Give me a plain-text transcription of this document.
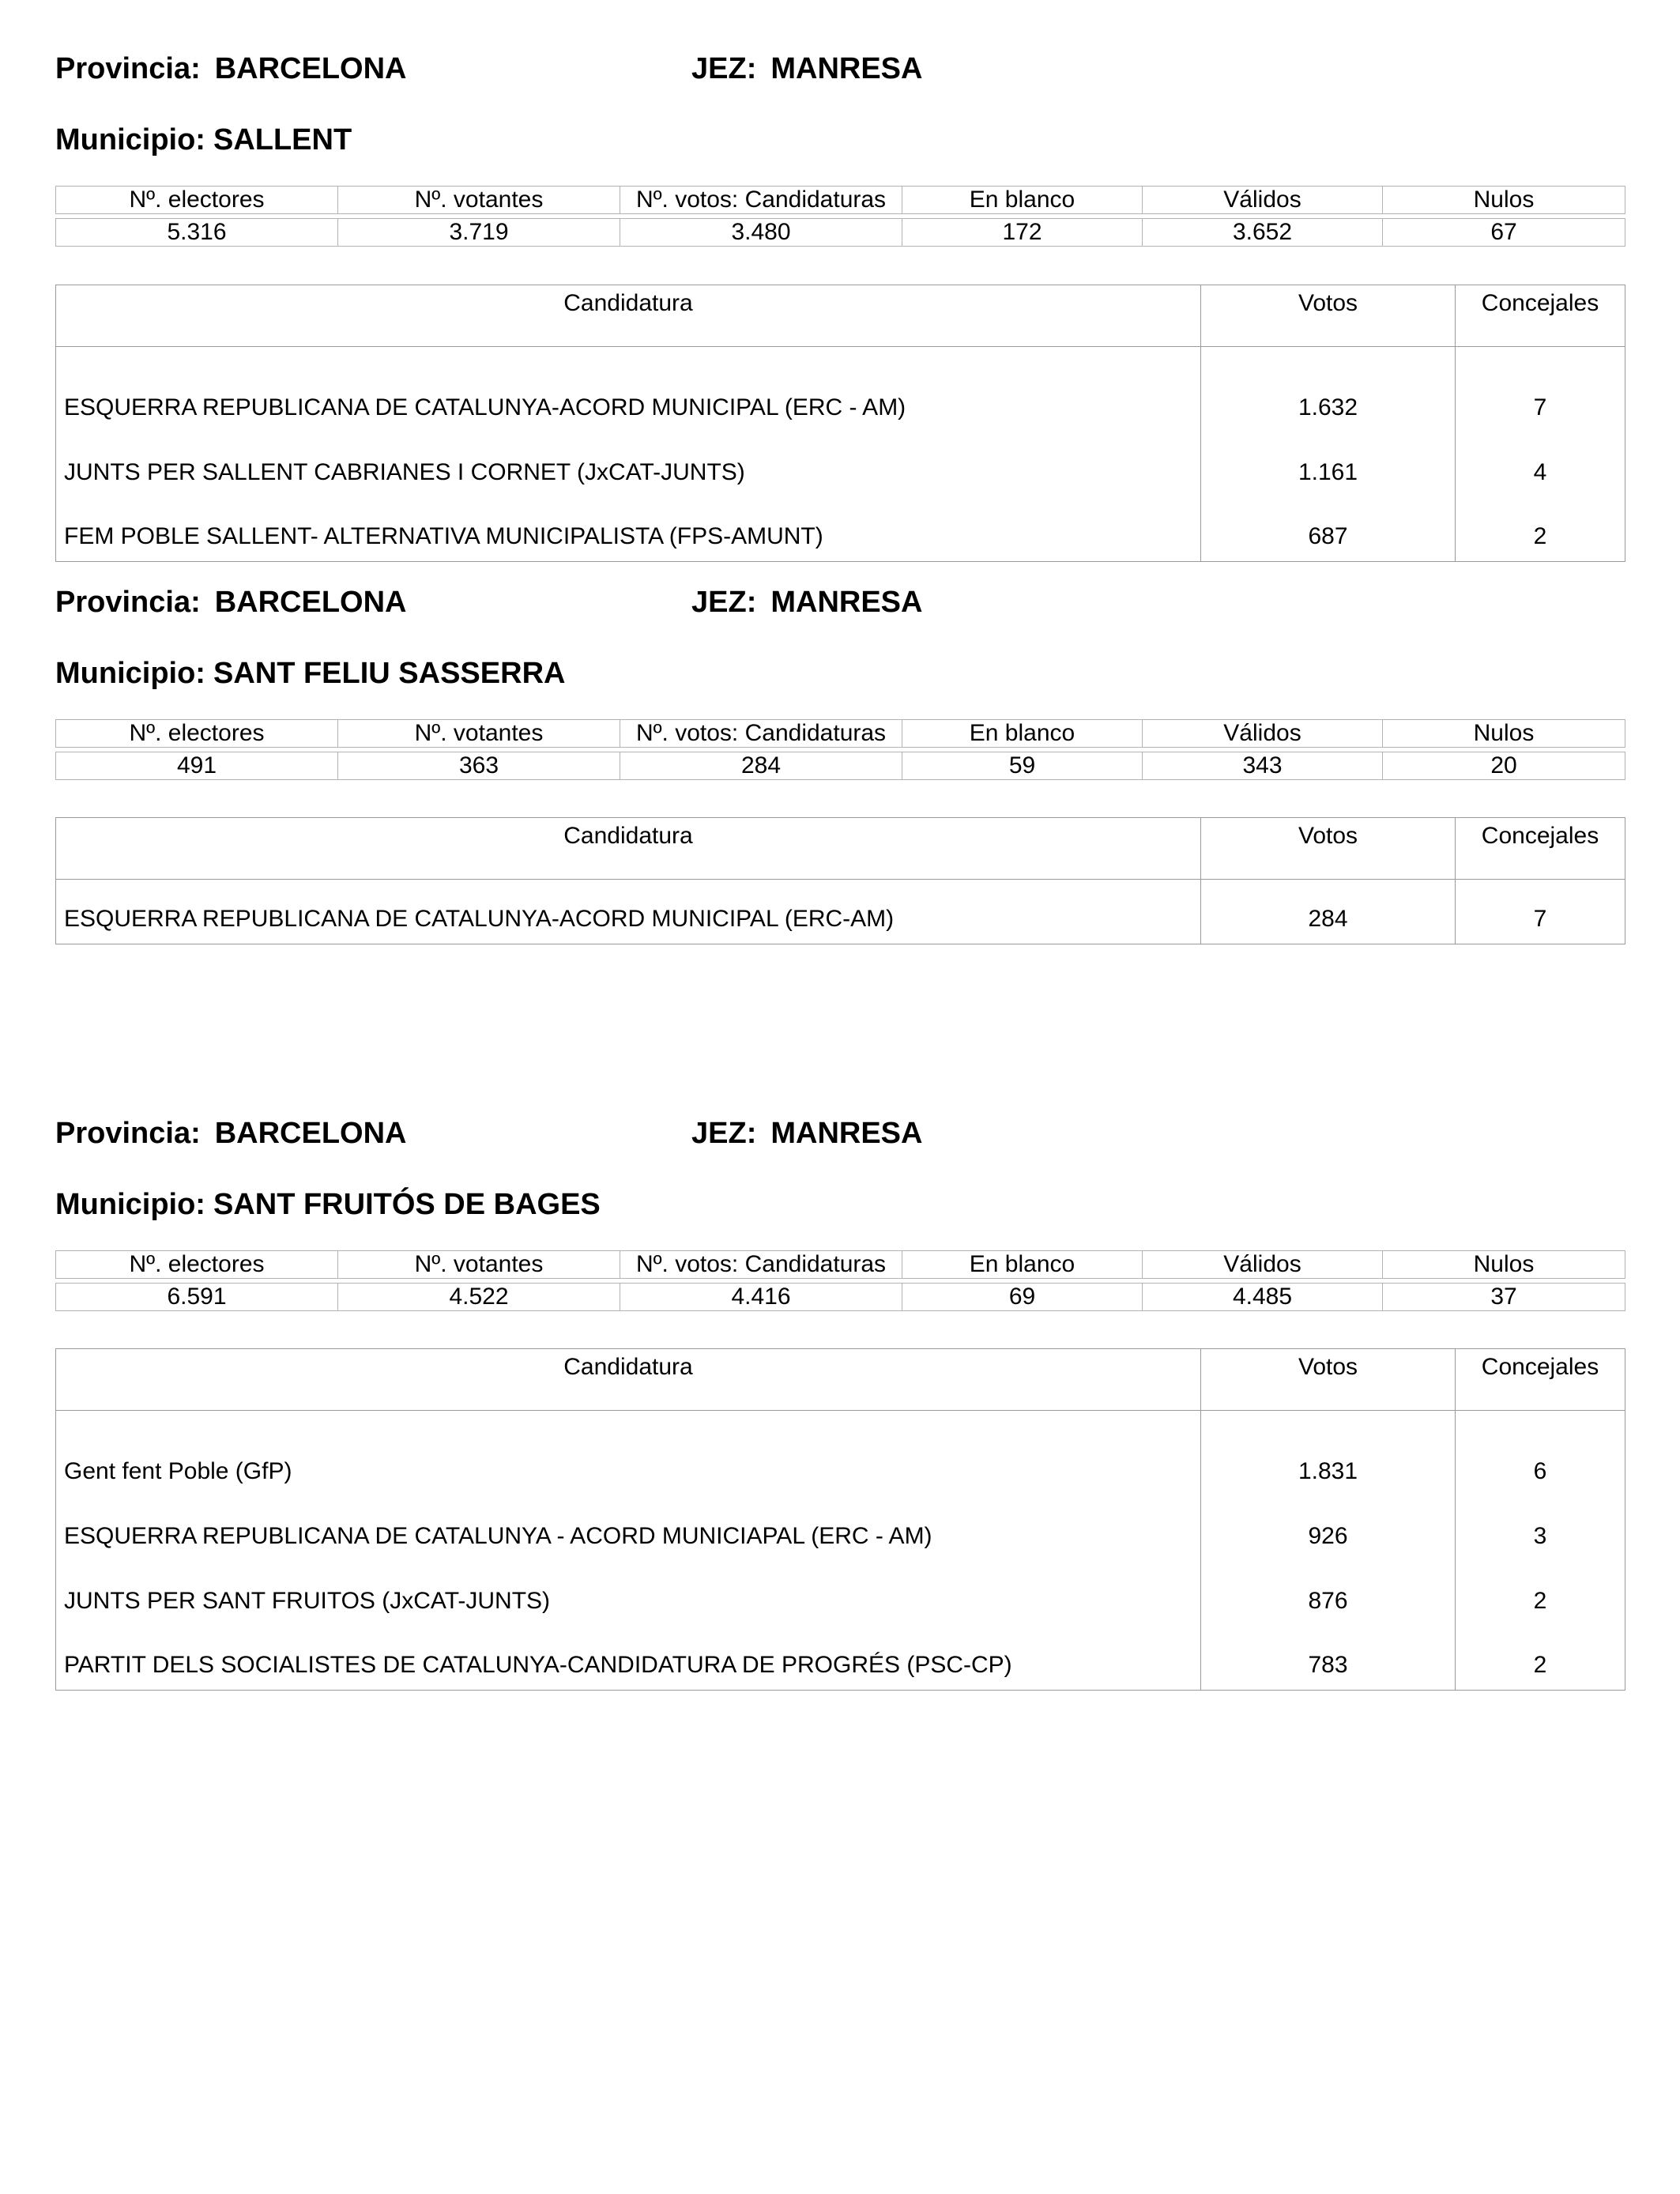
Provincia: BARCELONA	JEZ: MANRESA
Municipio: SALLENT
Nº. electores	Nº. votantes	Nº. votos: Candidaturas	En blanco	Válidos	Nulos

5.316	3.719	3.480	172	3.652	67
Candidatura	Votos	Concejales
ESQUERRA REPUBLICANA DE CATALUNYA-ACORD MUNICIPAL (ERC - AM)	1.632	7
JUNTS PER SALLENT CABRIANES I CORNET (JxCAT-JUNTS)	1.161	4
FEM POBLE SALLENT- ALTERNATIVA MUNICIPALISTA (FPS-AMUNT)	687	2
Provincia: BARCELONA	JEZ: MANRESA
Municipio: SANT FELIU SASSERRA
Nº. electores	Nº. votantes	Nº. votos: Candidaturas	En blanco	Válidos	Nulos

491	363	284	59	343	20
Candidatura	Votos	Concejales
ESQUERRA REPUBLICANA DE CATALUNYA-ACORD MUNICIPAL (ERC-AM)	284	7
Provincia: BARCELONA	JEZ: MANRESA
Municipio: SANT FRUITÓS DE BAGES
Nº. electores	Nº. votantes	Nº. votos: Candidaturas	En blanco	Válidos	Nulos

6.591	4.522	4.416	69	4.485	37
Candidatura	Votos	Concejales
Gent fent Poble (GfP)	1.831	6
ESQUERRA REPUBLICANA DE CATALUNYA - ACORD MUNICIAPAL (ERC - AM)	926	3
JUNTS PER SANT FRUITOS (JxCAT-JUNTS)	876	2
PARTIT DELS SOCIALISTES DE CATALUNYA-CANDIDATURA DE PROGRÉS (PSC-CP)	783	2
